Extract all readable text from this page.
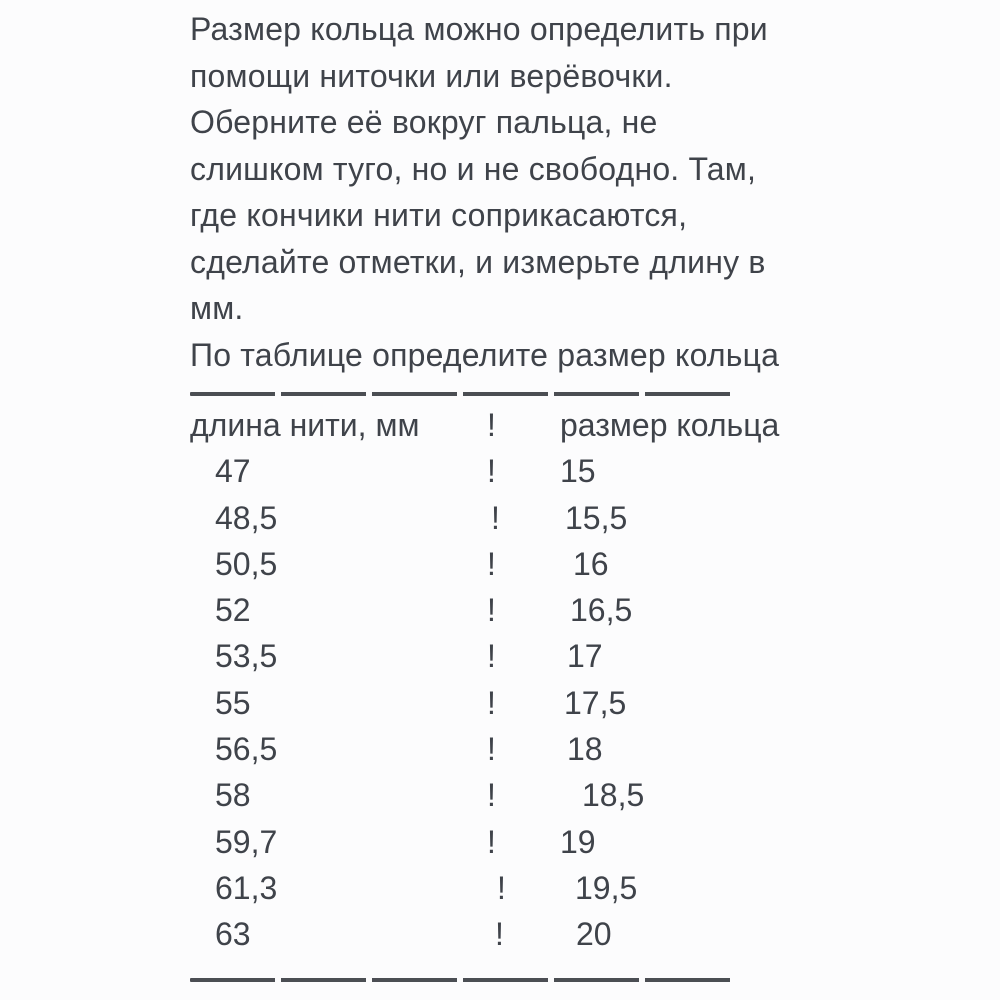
Размер кольца можно определить при
помощи ниточки или верёвочки.
Оберните её вокруг пальца, не
слишком туго, но и не свободно. Там,
где кончики нити соприкасаются,
сделайте отметки, и измерьте длину в
мм.
По таблице определите размер кольца
длина нити, мм	!	размер кольца
47	!	15
48,5	!	15,5
50,5	!	16
52	!	16,5
53,5	!	17
55	!	17,5
56,5	!	18
58	!	18,5
59,7	!	19
61,3	!	19,5
63	!	20
